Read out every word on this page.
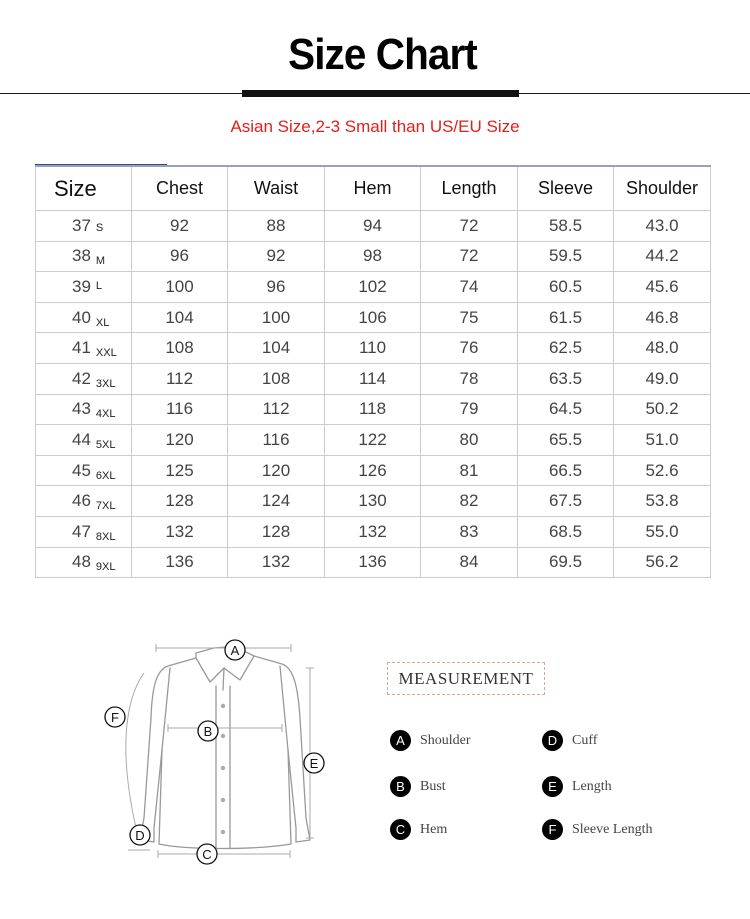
Size Chart
Asian Size,2-3 Small than US/EU Size
Size	Chest	Waist	Hem	Length	Sleeve	Shoulder
37 S	92	88	94	72	58.5	43.0
38 M	96	92	98	72	59.5	44.2
39 L	100	96	102	74	60.5	45.6
40 XL	104	100	106	75	61.5	46.8
41 XXL	108	104	110	76	62.5	48.0
42 3XL	112	108	114	78	63.5	49.0
43 4XL	116	112	118	79	64.5	50.2
44 5XL	120	116	122	80	65.5	51.0
45 6XL	125	120	126	81	66.5	52.6
46 7XL	128	124	130	82	67.5	53.8
47 8XL	132	128	132	83	68.5	55.0
48 9XL	136	132	136	84	69.5	56.2
A
B
C
D
E
F
MEASUREMENT
A	Shoulder
B	Bust
C	Hem
D	Cuff
E	Length
F	Sleeve Length
